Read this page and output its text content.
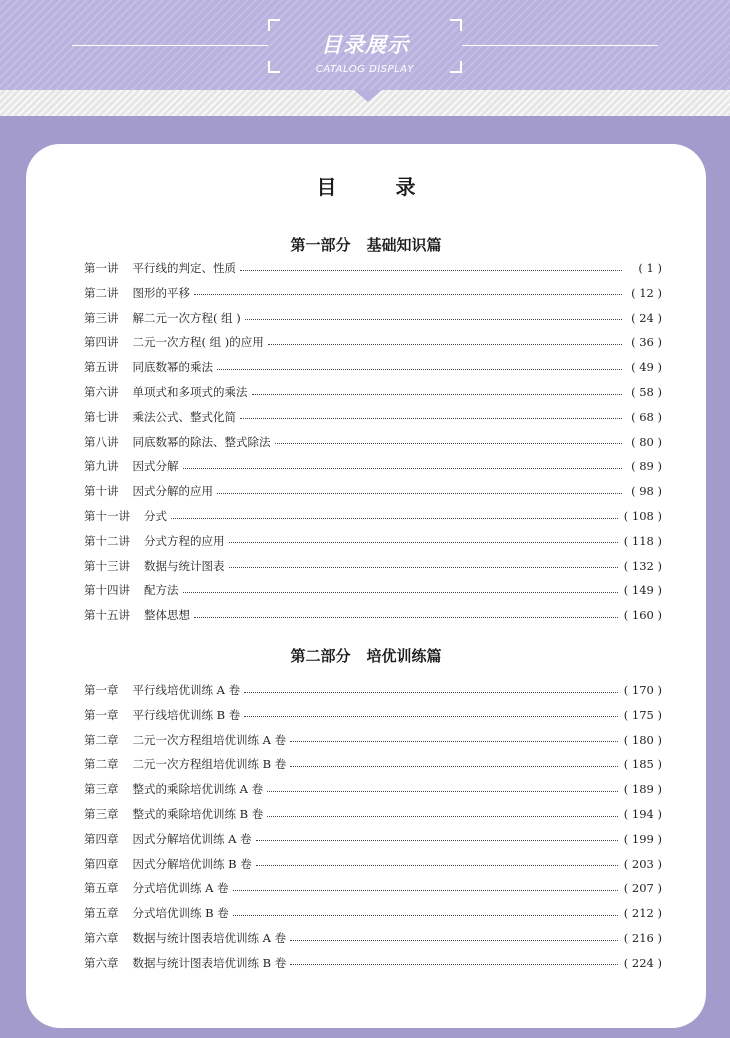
目录展示
CATALOG DISPLAY
目 录
第一部分 基础知识篇
第一讲 平行线的判定、性质	( 1 )
第二讲 图形的平移	( 12 )
第三讲 解二元一次方程( 组 )	( 24 )
第四讲 二元一次方程( 组 )的应用	( 36 )
第五讲 同底数幂的乘法	( 49 )
第六讲 单项式和多项式的乘法	( 58 )
第七讲 乘法公式、整式化简	( 68 )
第八讲 同底数幂的除法、整式除法	( 80 )
第九讲 因式分解	( 89 )
第十讲 因式分解的应用	( 98 )
第十一讲 分式	( 108 )
第十二讲 分式方程的应用	( 118 )
第十三讲 数据与统计图表	( 132 )
第十四讲 配方法	( 149 )
第十五讲 整体思想	( 160 )
第二部分 培优训练篇
第一章 平行线培优训练 A 卷	( 170 )
第一章 平行线培优训练 B 卷	( 175 )
第二章 二元一次方程组培优训练 A 卷	( 180 )
第二章 二元一次方程组培优训练 B 卷	( 185 )
第三章 整式的乘除培优训练 A 卷	( 189 )
第三章 整式的乘除培优训练 B 卷	( 194 )
第四章 因式分解培优训练 A 卷	( 199 )
第四章 因式分解培优训练 B 卷	( 203 )
第五章 分式培优训练 A 卷	( 207 )
第五章 分式培优训练 B 卷	( 212 )
第六章 数据与统计图表培优训练 A 卷	( 216 )
第六章 数据与统计图表培优训练 B 卷	( 224 )
